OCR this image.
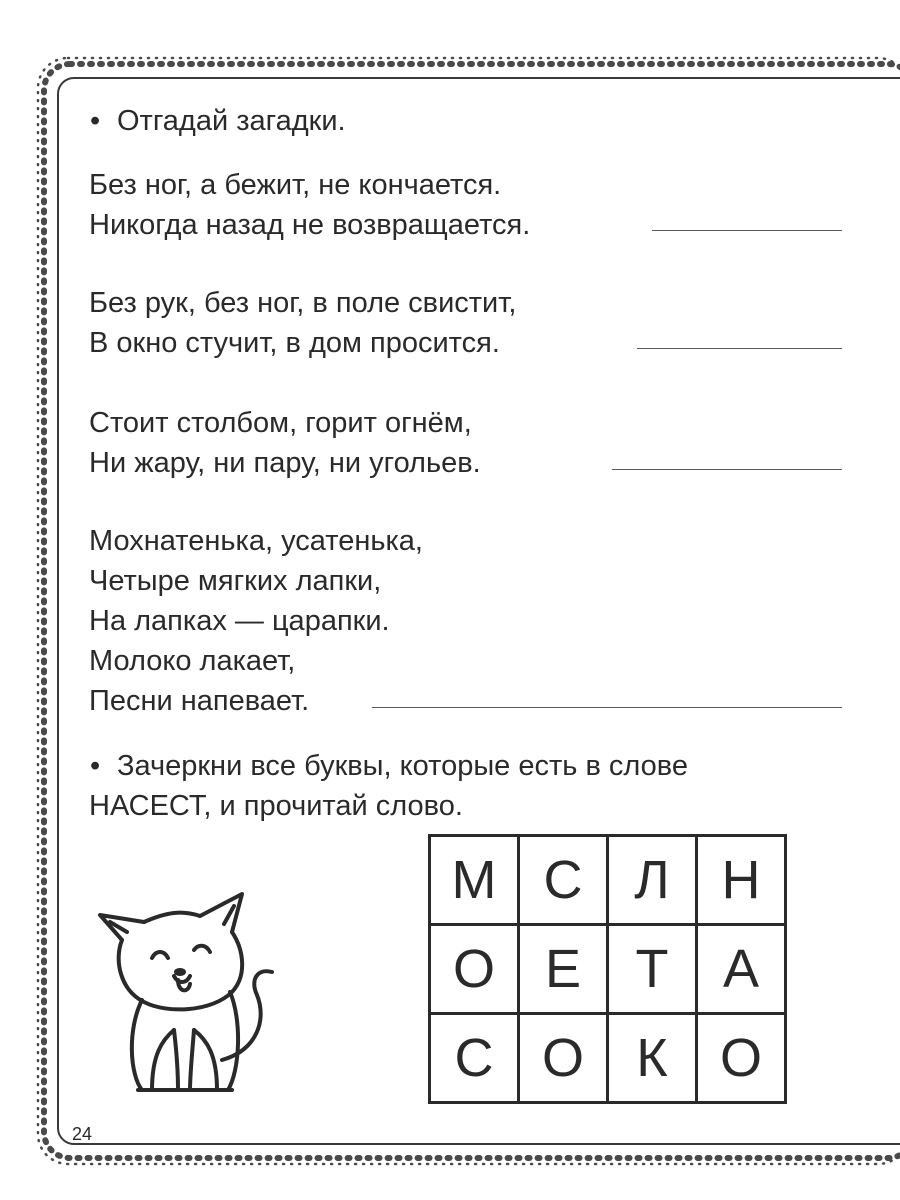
• Отгадай загадки.
Без ног, а бежит, не кончается.
Никогда назад не возвращается.
Без рук, без ног, в поле свистит,
В окно стучит, в дом просится.
Стоит столбом, горит огнём,
Ни жару, ни пару, ни угольев.
Мохнатенька, усатенька,
Четыре мягких лапки,
На лапках — царапки.
Молоко лакает,
Песни напевает.
• Зачеркни все буквы, которые есть в слове
НАСЕСТ, и прочитай слово.
М	С	Л	Н
О	Е	Т	А
С	О	К	О
24
